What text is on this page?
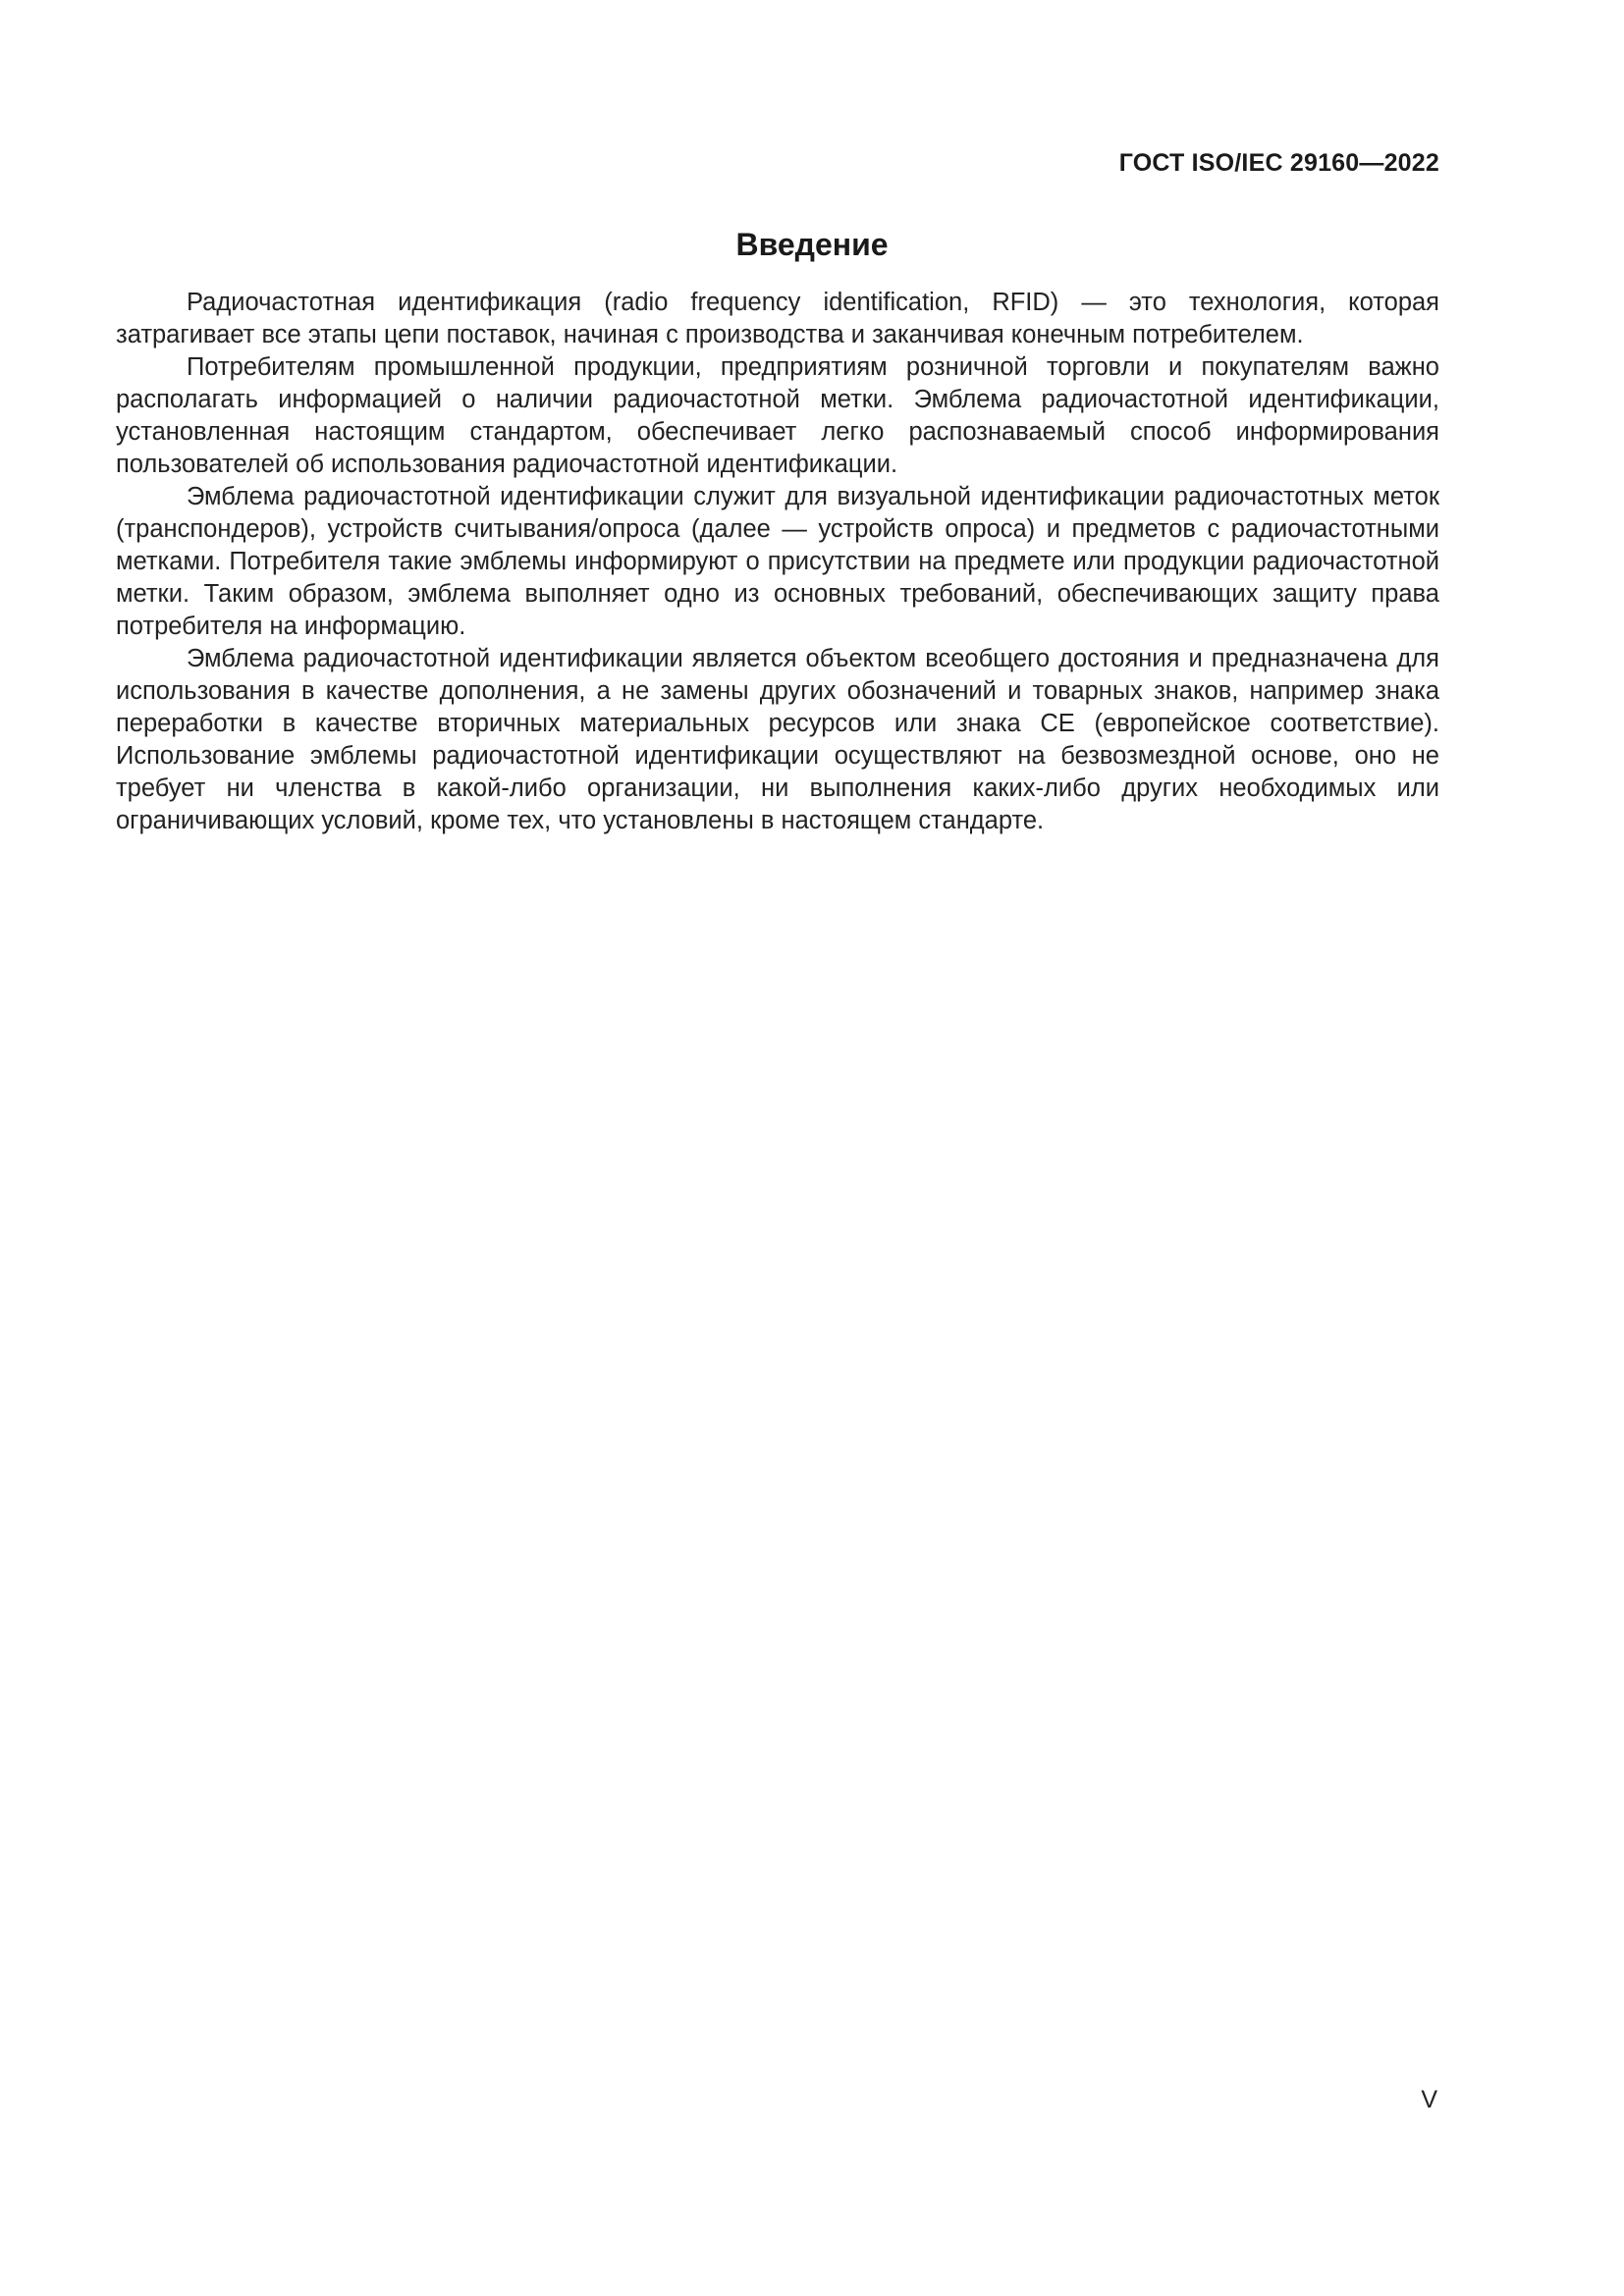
ГОСТ ISO/IEC 29160—2022
Введение

Радиочастотная идентификация (radio frequency identification, RFID) — это технология, которая затрагивает все этапы цепи поставок, начиная с производства и заканчивая конечным потребителем.

Потребителям промышленной продукции, предприятиям розничной торговли и покупателям важно располагать информацией о наличии радиочастотной метки. Эмблема радиочастотной идентификации, установленная настоящим стандартом, обеспечивает легко распознаваемый способ информирования пользователей об использования радиочастотной идентификации.

Эмблема радиочастотной идентификации служит для визуальной идентификации радиочастотных меток (транспондеров), устройств считывания/опроса (далее — устройств опроса) и предметов с радиочастотными метками. Потребителя такие эмблемы информируют о присутствии на предмете или продукции радиочастотной метки. Таким образом, эмблема выполняет одно из основных требований, обеспечивающих защиту права потребителя на информацию.

Эмблема радиочастотной идентификации является объектом всеобщего достояния и предназначена для использования в качестве дополнения, а не замены других обозначений и товарных знаков, например знака переработки в качестве вторичных материальных ресурсов или знака СЕ (европейское соответствие). Использование эмблемы радиочастотной идентификации осуществляют на безвозмездной основе, оно не требует ни членства в какой-либо организации, ни выполнения каких-либо других необходимых или ограничивающих условий, кроме тех, что установлены в настоящем стандарте.

V
